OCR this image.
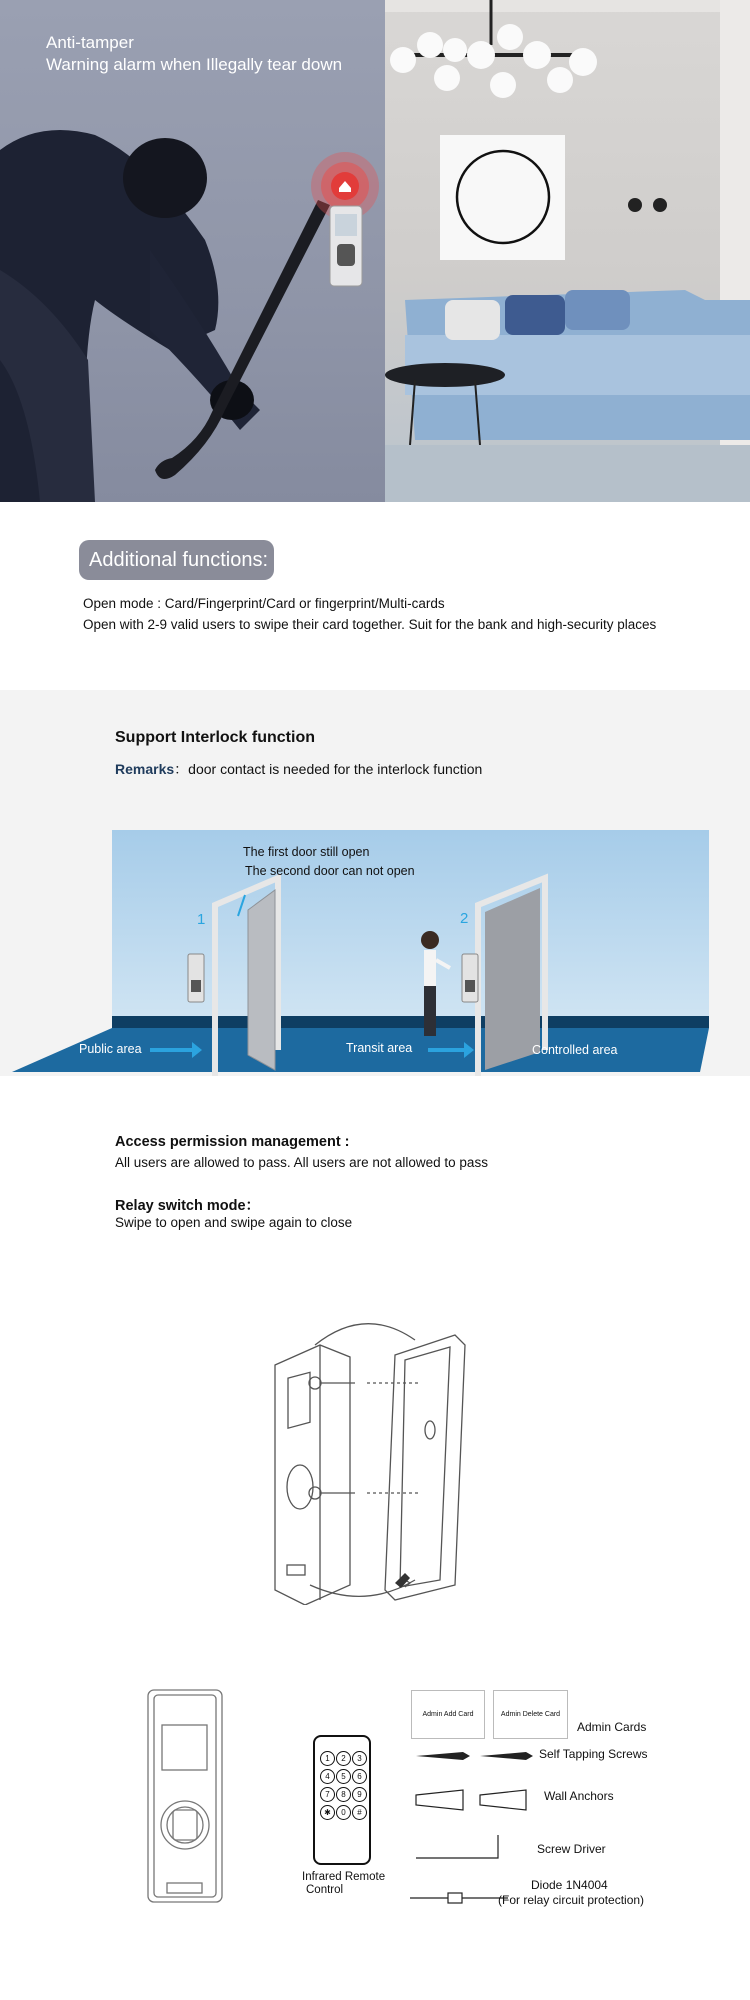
Anti-tamper
Warning alarm when Illegally tear down
Additional functions:
Open mode : Card/Fingerprint/Card or fingerprint/Multi-cards
Open with 2-9 valid users to swipe their card together. Suit for the bank and high-security places
Support Interlock function
Remarks：door contact is needed for the interlock function
The first door still open
The second door can not open
1	2
Public area	Transit area	Controlled area
Access permission management :
All users are allowed to pass. All users are not allowed to pass
Relay switch mode：
Swipe to open and swipe again to close
1	2	3
4	5	6
7	8	9
✱	0	#
Infrared Remote
Control
Admin Add Card	Admin Delete Card
Admin Cards
Self Tapping Screws
Wall Anchors
Screw Driver
Diode 1N4004
(For relay circuit protection)
